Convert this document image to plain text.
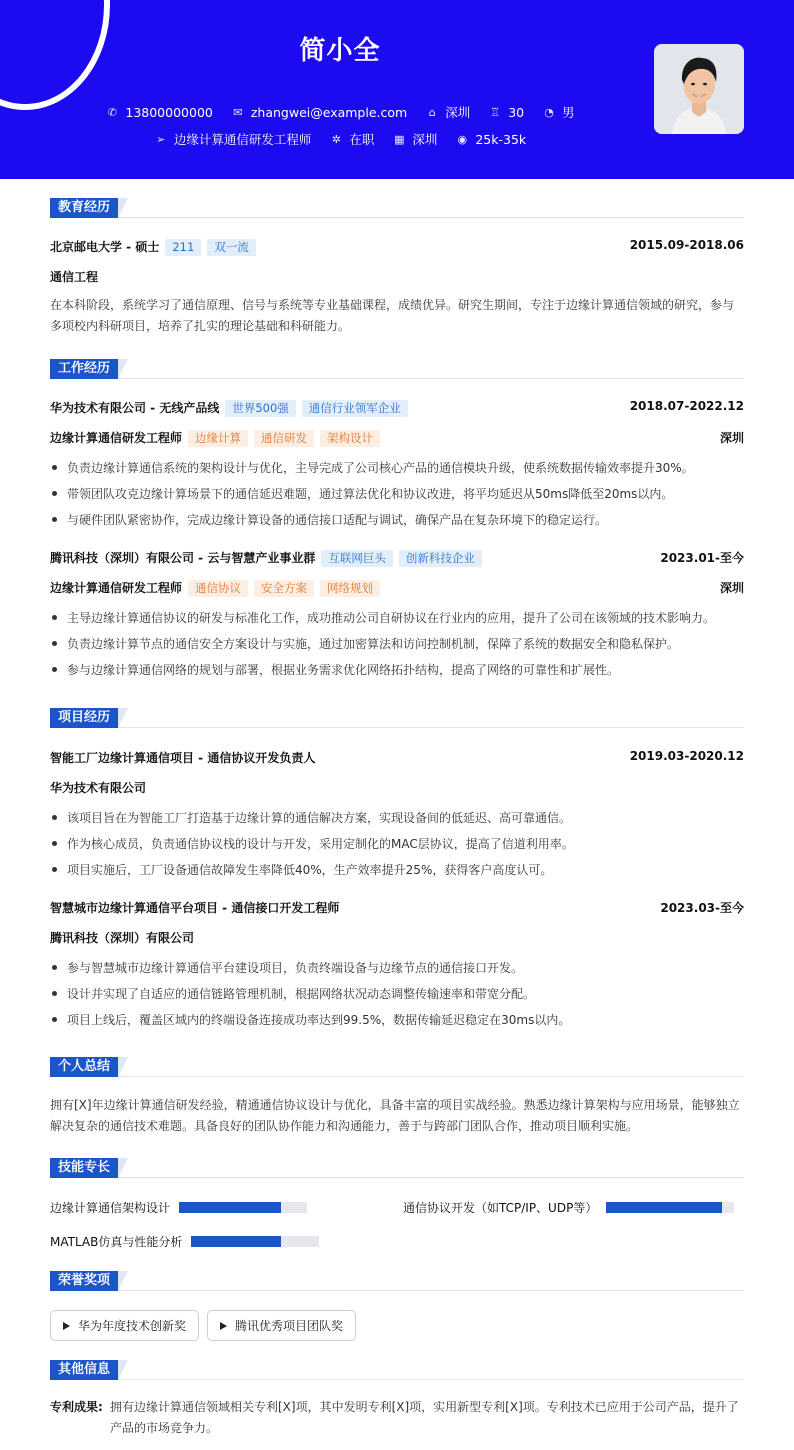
简小全
✆ 13800000000
✉ zhangwei@example.com
	⌂ 深圳
♖ 30
◔ 男
➢ 边缘计算通信研发工程师
✲ 在职
▦ 深圳
◉ 25k-35k
教育经历
北京邮电大学 - 硕士 211 双一流	2015.09-2018.06
通信工程
在本科阶段，系统学习了通信原理、信号与系统等专业基础课程，成绩优异。研究生期间，专注于边缘计算通信领域的研究，参与多项校内科研项目，培养了扎实的理论基础和科研能力。
工作经历
华为技术有限公司 - 无线产品线 世界500强 通信行业领军企业	2018.07-2022.12
边缘计算通信研发工程师 边缘计算 通信研发 架构设计	深圳
负责边缘计算通信系统的架构设计与优化，主导完成了公司核心产品的通信模块升级，使系统数据传输效率提升30%。
带领团队攻克边缘计算场景下的通信延迟难题，通过算法优化和协议改进，将平均延迟从50ms降低至20ms以内。
与硬件团队紧密协作，完成边缘计算设备的通信接口适配与调试，确保产品在复杂环境下的稳定运行。
腾讯科技（深圳）有限公司 - 云与智慧产业事业群 互联网巨头 创新科技企业	2023.01-至今
边缘计算通信研发工程师 通信协议 安全方案 网络规划	深圳
主导边缘计算通信协议的研发与标准化工作，成功推动公司自研协议在行业内的应用，提升了公司在该领域的技术影响力。
负责边缘计算节点的通信安全方案设计与实施，通过加密算法和访问控制机制，保障了系统的数据安全和隐私保护。
参与边缘计算通信网络的规划与部署，根据业务需求优化网络拓扑结构，提高了网络的可靠性和扩展性。
项目经历
智能工厂边缘计算通信项目 - 通信协议开发负责人	2019.03-2020.12
华为技术有限公司
该项目旨在为智能工厂打造基于边缘计算的通信解决方案，实现设备间的低延迟、高可靠通信。
作为核心成员，负责通信协议栈的设计与开发，采用定制化的MAC层协议，提高了信道利用率。
项目实施后，工厂设备通信故障发生率降低40%，生产效率提升25%，获得客户高度认可。
智慧城市边缘计算通信平台项目 - 通信接口开发工程师	2023.03-至今
腾讯科技（深圳）有限公司
参与智慧城市边缘计算通信平台建设项目，负责终端设备与边缘节点的通信接口开发。
设计并实现了自适应的通信链路管理机制，根据网络状况动态调整传输速率和带宽分配。
项目上线后，覆盖区域内的终端设备连接成功率达到99.5%，数据传输延迟稳定在30ms以内。
个人总结
拥有[X]年边缘计算通信研发经验，精通通信协议设计与优化，具备丰富的项目实战经验。熟悉边缘计算架构与应用场景，能够独立解决复杂的通信技术难题。具备良好的团队协作能力和沟通能力，善于与跨部门团队合作，推动项目顺利实施。
技能专长
边缘计算通信架构设计	通信协议开发（如TCP/IP、UDP等）
MATLAB仿真与性能分析
荣誉奖项
华为年度技术创新奖	腾讯优秀项目团队奖
其他信息
专利成果: 拥有边缘计算通信领域相关专利[X]项，其中发明专利[X]项，实用新型专利[X]项。专利技术已应用于公司产品，提升了产品的市场竞争力。
